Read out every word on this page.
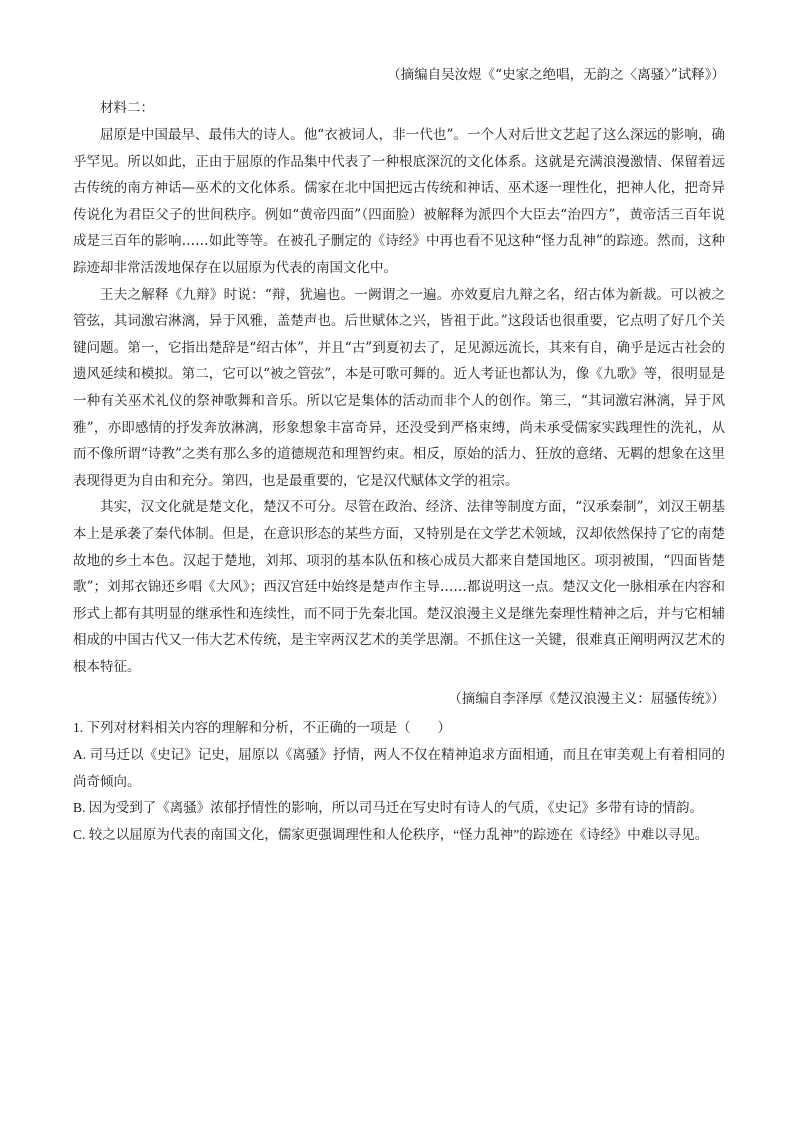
（摘编自吴汝煜《“史家之绝唱，无韵之〈离骚〉”试释》）
材料二：

屈原是中国最早、最伟大的诗人。他“衣被词人，非一代也”。一个人对后世文艺起了这么深远的影响，确乎罕见。所以如此，正由于屈原的作品集中代表了一种根底深沉的文化体系。这就是充满浪漫激情、保留着远古传统的南方神话—巫术的文化体系。儒家在北中国把远古传统和神话、巫术逐一理性化，把神人化，把奇异传说化为君臣父子的世间秩序。例如“黄帝四面”（四面脸）被解释为派四个大臣去“治四方”，黄帝活三百年说成是三百年的影响……如此等等。在被孔子删定的《诗经》中再也看不见这种“怪力乱神”的踪迹。然而，这种踪迹却非常活泼地保存在以屈原为代表的南国文化中。

王夫之解释《九辩》时说：“辩，犹遍也。一阙谓之一遍。亦效夏启九辩之名，绍古体为新裁。可以被之管弦，其词激宕淋漓，异于风雅，盖楚声也。后世赋体之兴，皆祖于此。”这段话也很重要，它点明了好几个关键问题。第一，它指出楚辞是“绍古体”，并且“古”到夏初去了，足见源远流长，其来有自，确乎是远古社会的遗风延续和模拟。第二，它可以“被之管弦”，本是可歌可舞的。近人考证也都认为，像《九歌》等，很明显是一种有关巫术礼仪的祭神歌舞和音乐。所以它是集体的活动而非个人的创作。第三，“其词激宕淋漓，异于风雅”，亦即感情的抒发奔放淋漓，形象想象丰富奇异，还没受到严格束缚，尚未承受儒家实践理性的洗礼，从而不像所谓“诗教”之类有那么多的道德规范和理智约束。相反，原始的活力、狂放的意绪、无羁的想象在这里表现得更为自由和充分。第四，也是最重要的，它是汉代赋体文学的祖宗。

其实，汉文化就是楚文化，楚汉不可分。尽管在政治、经济、法律等制度方面，“汉承秦制”，刘汉王朝基本上是承袭了秦代体制。但是，在意识形态的某些方面，又特别是在文学艺术领域，汉却依然保持了它的南楚故地的乡土本色。汉起于楚地，刘邦、项羽的基本队伍和核心成员大都来自楚国地区。项羽被围，“四面皆楚歌”；刘邦衣锦还乡唱《大风》；西汉宫廷中始终是楚声作主导……都说明这一点。楚汉文化一脉相承在内容和形式上都有其明显的继承性和连续性，而不同于先秦北国。楚汉浪漫主义是继先秦理性精神之后，并与它相辅相成的中国古代又一伟大艺术传统，是主宰两汉艺术的美学思潮。不抓住这一关键，很难真正阐明两汉艺术的根本特征。

（摘编自李泽厚《楚汉浪漫主义：屈骚传统》）

1. 下列对材料相关内容的理解和分析，不正确的一项是（　　）

A. 司马迁以《史记》记史，屈原以《离骚》抒情，两人不仅在精神追求方面相通，而且在审美观上有着相同的尚奇倾向。

B. 因为受到了《离骚》浓郁抒情性的影响，所以司马迁在写史时有诗人的气质，《史记》多带有诗的情韵。

C. 较之以屈原为代表的南国文化，儒家更强调理性和人伦秩序，“怪力乱神”的踪迹在《诗经》中难以寻见。
